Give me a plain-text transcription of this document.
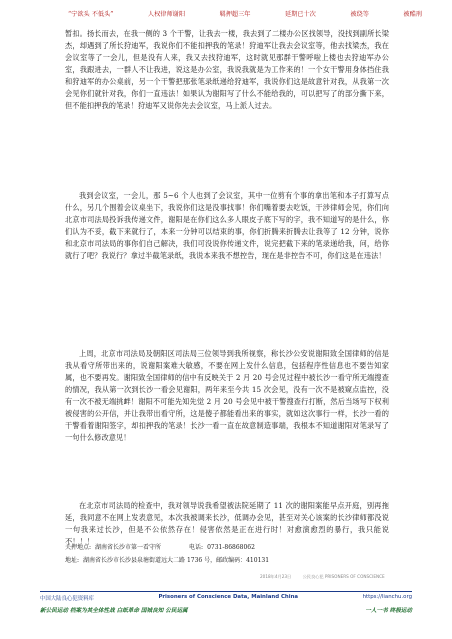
“宁欲头 不低头”	人权律师谢阳	羁押超三年	延期已十次	被绕等	被酷刑

暂扣。扬长而去，在我一侧的 3 个干警，让我去一楼，我去到了二楼办公区找领导，没找到副所长梁杰，却遇到了所长狩迪军，我说你们不能扣押我的笔录！狩迪军让我去会议室等，他去找梁杰，我在会议室等了一会儿，但是没有人来，我又去找狩迪军，这时就见那群干警呼啦上楼也去狩迪军办公室，我跟进去，一群人不让我进，说这是办公室，我说我就是为工作来的！一个女干警用身体挡住我和狩迪军的办公桌前，另一个干警把那张笔录纸递给狩迪军，我说你们这是故意针对我，从我第一次会见你们就针对我，你们一直违法！如果认为谢阳写了什么不能给我的，可以把写了的部分撕下来，但不能扣押我的笔录！狩迪军又说你先去会议室，马上派人过去。

我到会议室，一会儿，那 5~6 个人也到了会议室，其中一位剪有个事的拿出笔和本子打算写点什么，另几个围着会议桌坐下，我说你们这是没事找事！你们嘴着要去吃饭，干涉律师会见，你们向北京市司法局投诉我传递文件，谢阳是在你们这么多人眼皮子底下写的字，我不知道写的是什么，你们认为不妥，截下来就行了，本来一分钟可以结束的事，你们折腾来折腾去让我等了 12 分钟，说你和北京市司法局的事你们自己解决，我们可没说你传递文件，说完把截下来的笔录递给我，问，给你就行了吧？我说行？拿过半截笔录纸，我说本来我不想控告，现在是非控告不可，你们这是在违法！

上周，北京市司法局及朝阳区司法局三位领导到我所视察，称长沙公安说谢阳致全国律师的信是我从看守所带出来的，说谢阳案难大敏感，不要在网上发什么信息，包括程序性信息也不要告知家属，也不要再发。谢阳致全国律师的信中有反映关于 2 月 20 号会见过程中被长沙一看守所无端搜查的情况，我从第一次到长沙一看会见谢阳，两年来至今共 15 次会见，没有一次不是被窥点监控，没有一次不被无端挑衅！谢阳不可能先知先觉 2 月 20 号会见中被干警搜查行打断，然后当场写下权利被侵害的公开信，并让我带出看守所，这是傻子都能看出来的事实，就如这次事行一样，长沙一看的干警看着谢阳签字，却扣押我的笔录！长沙一看一直在故意制造事端，我根本不知道谢阳对笔录写了一句什么修改意见！

在北京市司法局的检查中，我对领导说我希望被法院延期了 11 次的谢阳案能早点开庭，别再拖延，我同意不在网上发表意见，本次我被调来长沙，低调办会见，甚至对关心该案的长沙律师都没说一句我来过长沙，但是不公依然存在！侵害依然是正在进行时！对愈演愈烈的暴行，我只能说不！！！

关押地点: 湖南省长沙市第一看守所	电话: 0731-86868062
地址: 湖南省长沙市长沙县泉塘街道远大二路 1736 号，邮政编码：410131
2018年4月23日	公民良心犯 PRISONERS OF CONSCIENCE
中国大陆良心犯资料库	Prisoners of Conscience Data, Mainland China	https://lianchu.org
新公民运动 档案为其全体性战 白纸革命 国城良知 公民运属	一人一书 终极运动
